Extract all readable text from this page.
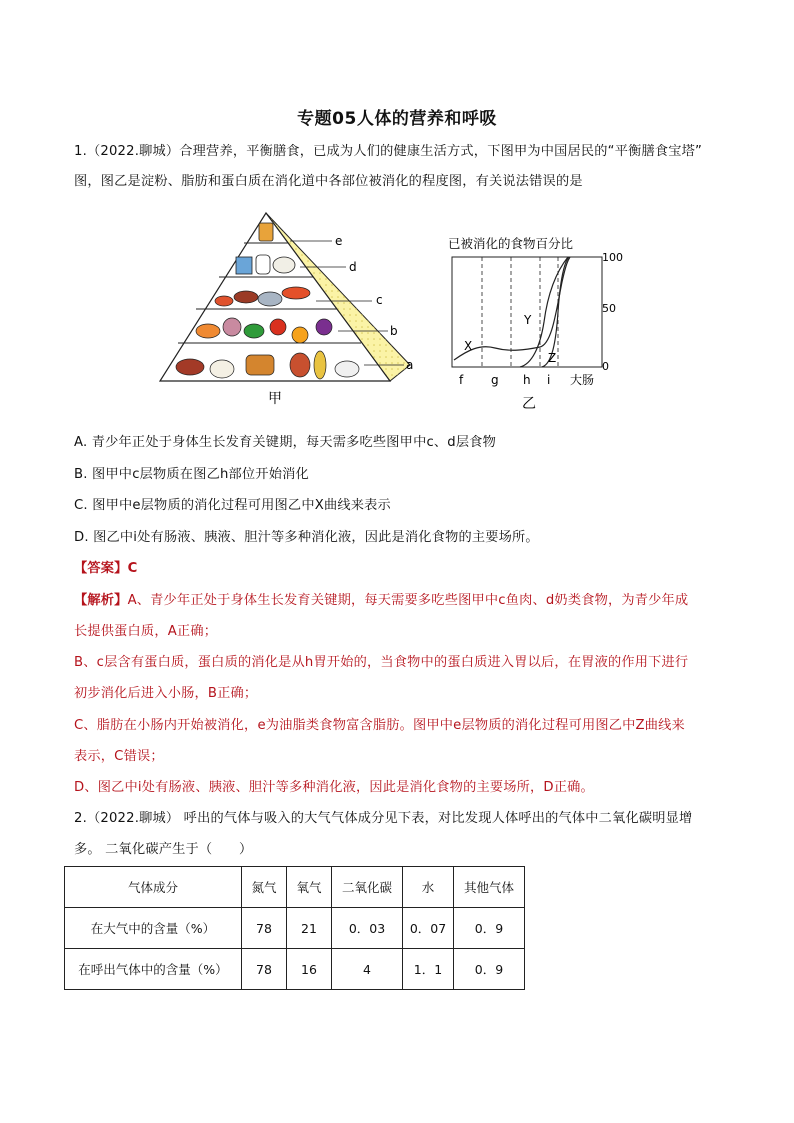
专题05人体的营养和呼吸
1.（2022.聊城）合理营养，平衡膳食，已成为人们的健康生活方式，下图甲为中国居民的“平衡膳食宝塔”
图，图乙是淀粉、脂肪和蛋白质在消化道中各部位被消化的程度图，有关说法错误的是
e
d
c
b
a
甲
已被消化的食物百分比
X
Y
Z
100
50
0
f g h i 大肠
乙
A. 青少年正处于身体生长发育关键期，每天需多吃些图甲中c、d层食物
B. 图甲中c层物质在图乙h部位开始消化
C. 图甲中e层物质的消化过程可用图乙中X曲线来表示
D. 图乙中i处有肠液、胰液、胆汁等多种消化液，因此是消化食物的主要场所。
【答案】C
【解析】A、青少年正处于身体生长发育关键期，每天需要多吃些图甲中c鱼肉、d奶类食物，为青少年成
长提供蛋白质，A正确；
B、c层含有蛋白质，蛋白质的消化是从h胃开始的，当食物中的蛋白质进入胃以后，在胃液的作用下进行
初步消化后进入小肠，B正确；
C、脂肪在小肠内开始被消化，e为油脂类食物富含脂肪。图甲中e层物质的消化过程可用图乙中Z曲线来
表示，C错误；
D、图乙中i处有肠液、胰液、胆汁等多种消化液，因此是消化食物的主要场所，D正确。
2.（2022.聊城） 呼出的气体与吸入的大气气体成分见下表，对比发现人体呼出的气体中二氧化碳明显增
多。 二氧化碳产生于（　　）
气体成分	氮气	氧气	二氧化碳	水	其他气体
在大气中的含量（%）	78	21	0．03	0．07	0．9
在呼出气体中的含量（%）	78	16	4	1．1	0．9
